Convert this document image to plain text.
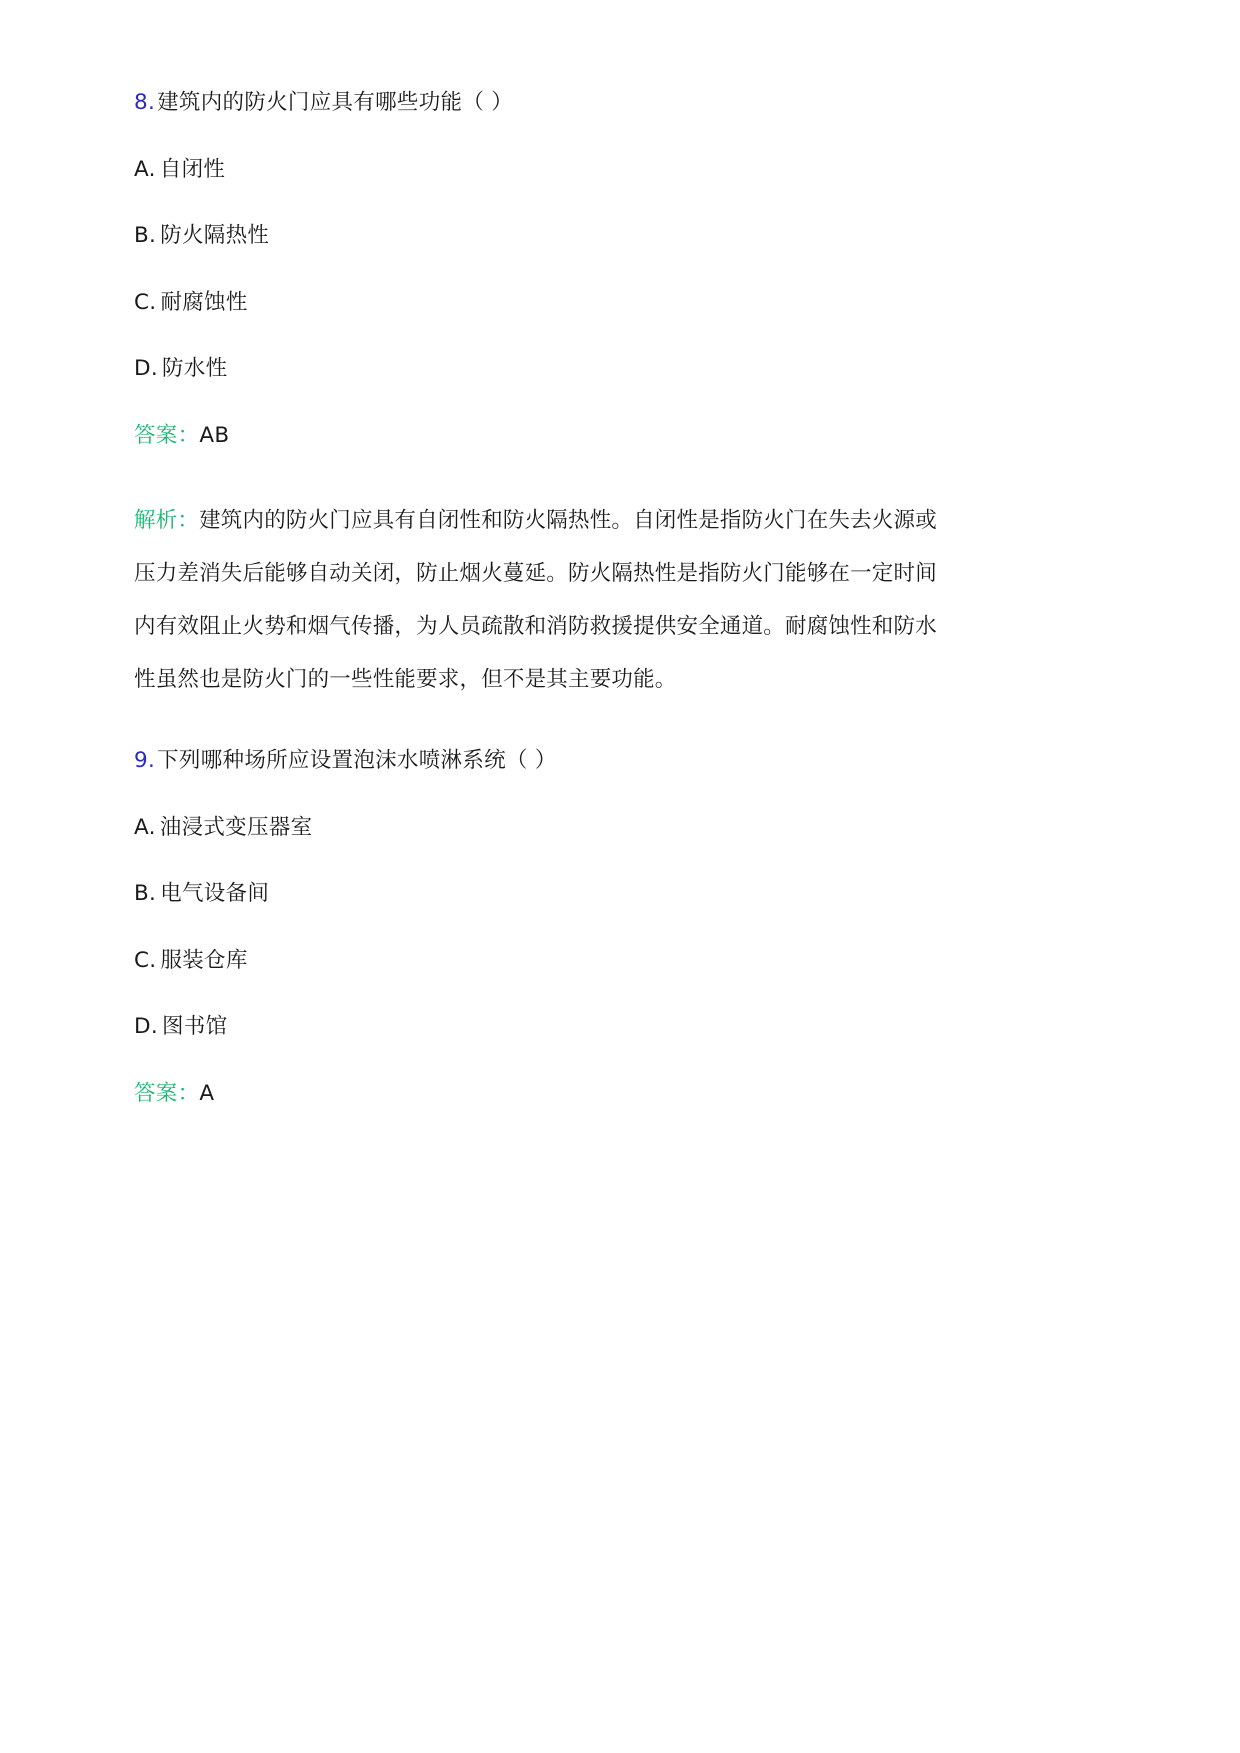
8.建筑内的防火门应具有哪些功能（ ）
A. 自闭性
B. 防火隔热性
C. 耐腐蚀性
D. 防水性
答案：AB
解析：建筑内的防火门应具有自闭性和防火隔热性。自闭性是指防火门在失去火源或
压力差消失后能够自动关闭，防止烟火蔓延。防火隔热性是指防火门能够在一定时间
内有效阻止火势和烟气传播，为人员疏散和消防救援提供安全通道。耐腐蚀性和防水
性虽然也是防火门的一些性能要求，但不是其主要功能。
9.下列哪种场所应设置泡沫水喷淋系统（ ）
A. 油浸式变压器室
B. 电气设备间
C. 服装仓库
D. 图书馆
答案：A
